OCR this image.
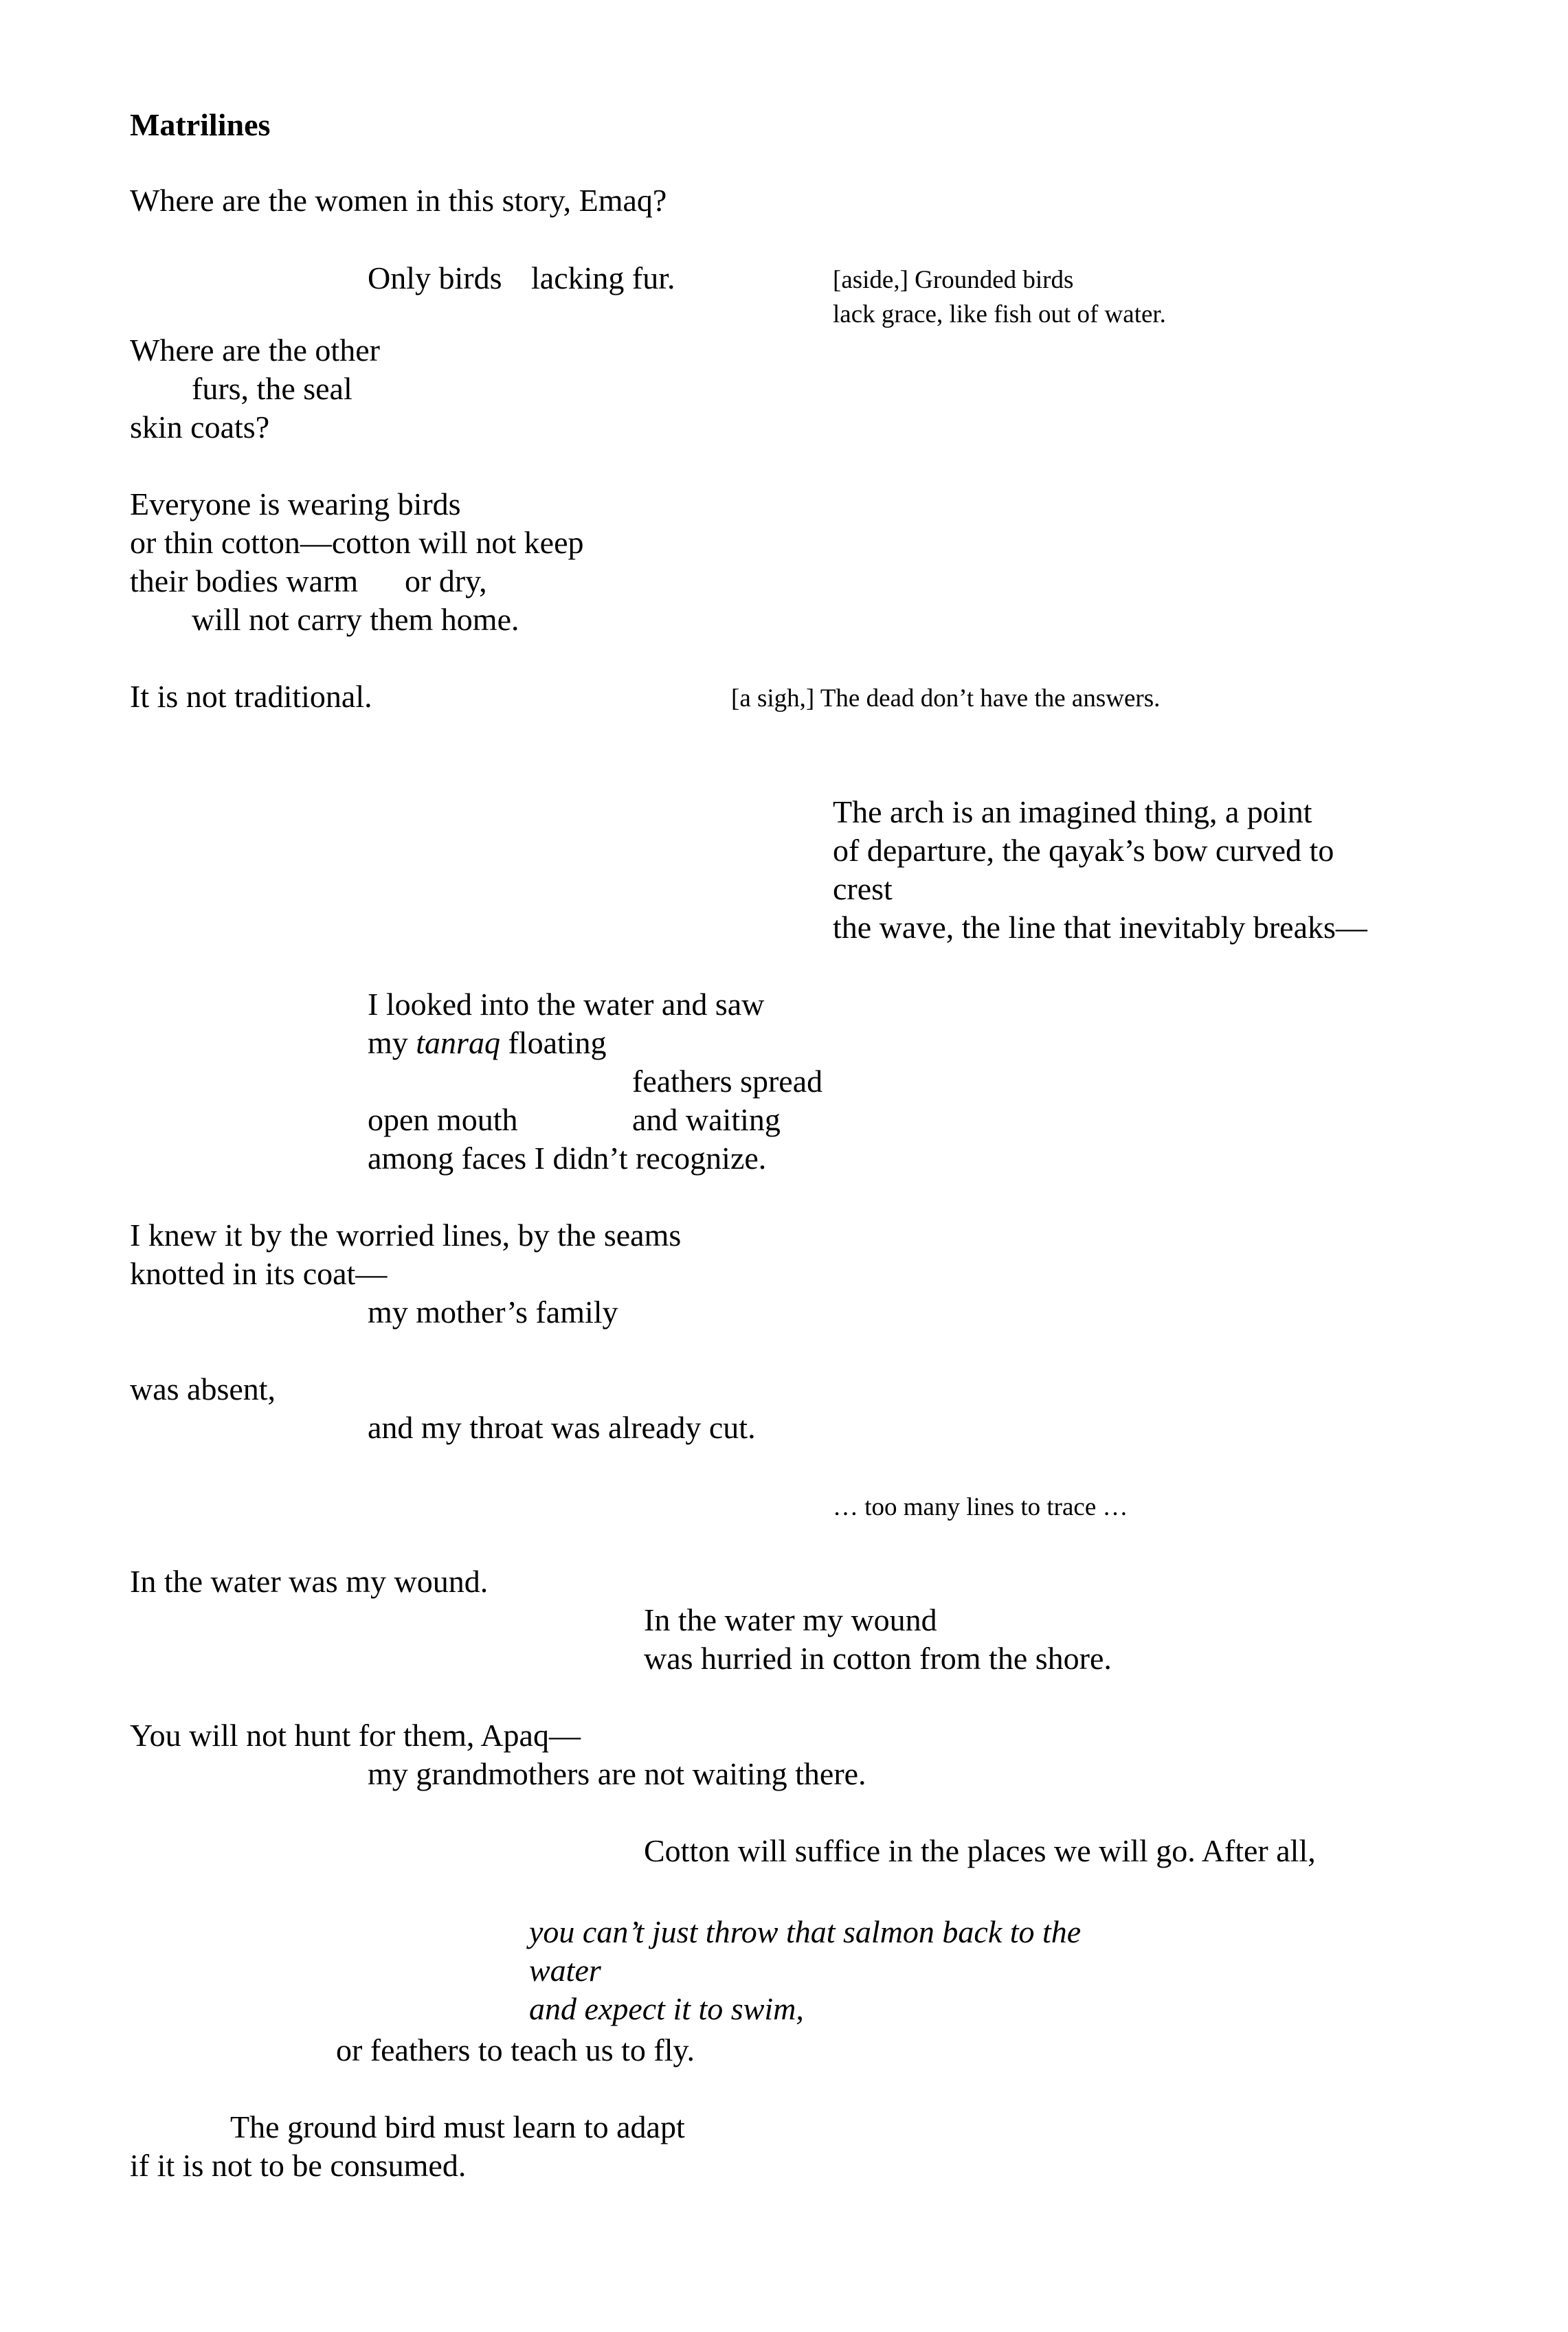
Matrilines
Where are the women in this story, Emaq?
Only birds lacking fur.	[aside,] Grounded birds
lack grace, like fish out of water.
Where are the other
furs, the seal
skin coats?
Everyone is wearing birds
or thin cotton—cotton will not keep
their bodies warm or dry,
will not carry them home.
It is not traditional.	[a sigh,] The dead don’t have the answers.
The arch is an imagined thing, a point
of departure, the qayak’s bow curved to
crest
the wave, the line that inevitably breaks—
I looked into the water and saw
my tanraq floating
feathers spread
open mouth	and waiting
among faces I didn’t recognize.
I knew it by the worried lines, by the seams
knotted in its coat—
my mother’s family
was absent,
and my throat was already cut.
… too many lines to trace …
In the water was my wound.
In the water my wound
was hurried in cotton from the shore.
You will not hunt for them, Apaq—
my grandmothers are not waiting there.
Cotton will suffice in the places we will go. After all,
you can’t just throw that salmon back to the
water
and expect it to swim,
or feathers to teach us to fly.
The ground bird must learn to adapt
if it is not to be consumed.
